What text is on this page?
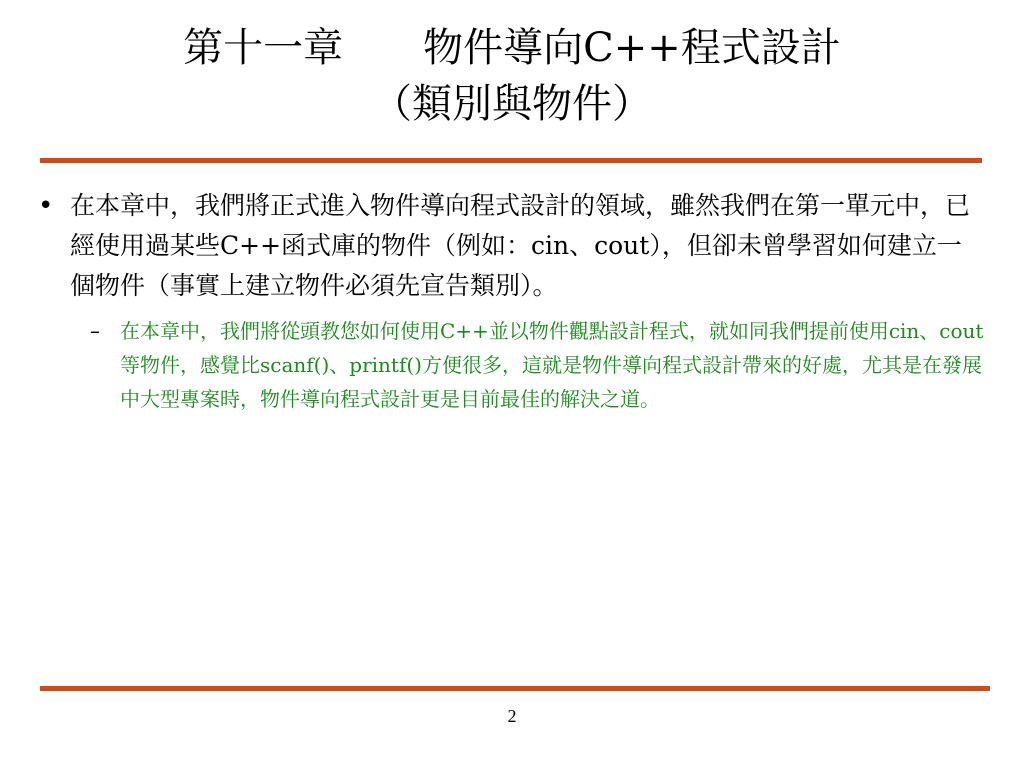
第十一章　　物件導向C++程式設計
（類別與物件）
• 在本章中，我們將正式進入物件導向程式設計的領域，雖然我們在第一單元中，已經使用過某些C++函式庫的物件（例如：cin、cout），但卻未曾學習如何建立一個物件（事實上建立物件必須先宣告類別）。
–	在本章中，我們將從頭教您如何使用C++並以物件觀點設計程式，就如同我們提前使用cin、cout等物件，感覺比scanf()、printf()方便很多，這就是物件導向程式設計帶來的好處，尤其是在發展中大型專案時，物件導向程式設計更是目前最佳的解決之道。
2
